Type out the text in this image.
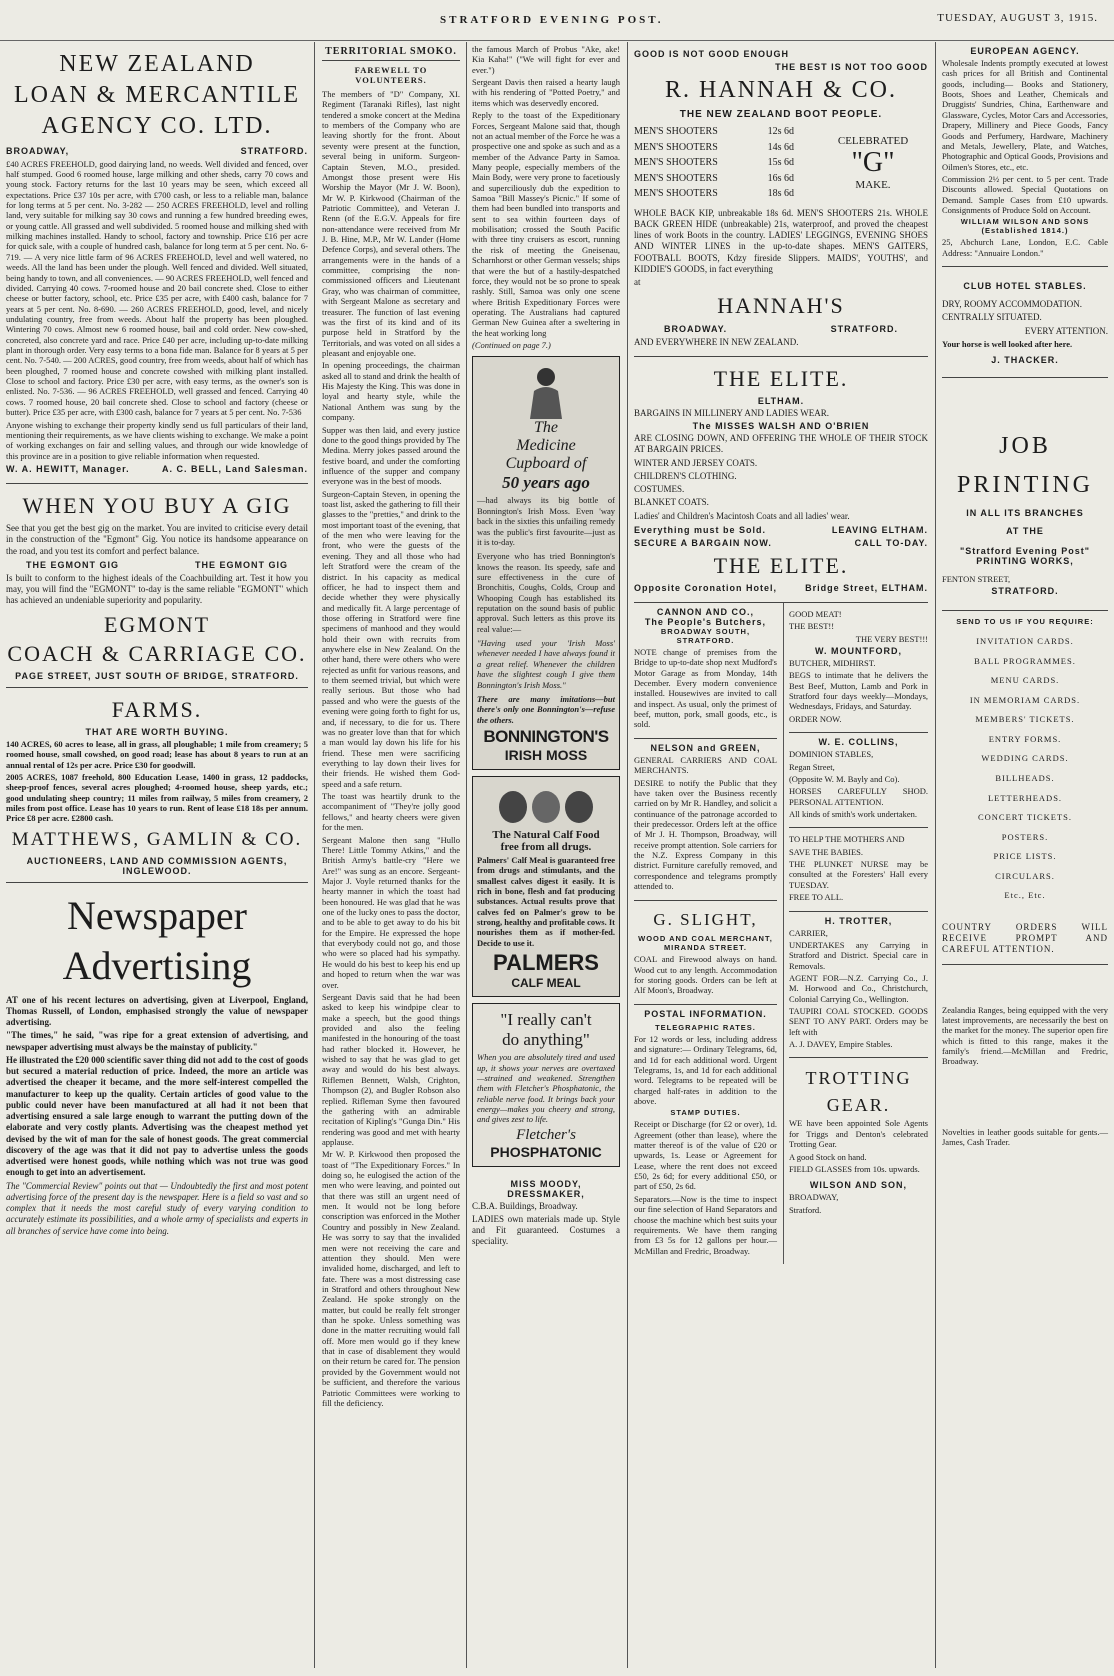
STRATFORD EVENING POST.	TUESDAY, AUGUST 3, 1915.
NEW ZEALAND
LOAN & MERCANTILE
AGENCY CO. LTD.
BROADWAY,	STRATFORD.

£40 ACRES FREEHOLD, good dairying land, no weeds. Well divided and fenced, over half stumped. Good 6 roomed house, large milking and other sheds, carry 70 cows and young stock. Factory returns for the last 10 years may be seen, which exceed all expectations. Price £37 10s per acre, with £700 cash, or less to a reliable man, balance for long terms at 5 per cent. No. 3-282 — 250 ACRES FREEHOLD, level and rolling land, very suitable for milking say 30 cows and running a few hundred breeding ewes, or young cattle. All grassed and well subdivided. 5 roomed house and milking shed with milking machines installed. Handy to school, factory and township. Price £16 per acre for quick sale, with a couple of hundred cash, balance for long term at 5 per cent. No. 6-719. — A very nice little farm of 96 ACRES FREEHOLD, level and well watered, no weeds. All the land has been under the plough. Well fenced and divided. Well situated, being handy to town, and all conveniences. — 90 ACRES FREEHOLD, well fenced and divided. Carrying 40 cows. 7-roomed house and 20 bail concrete shed. Close to either cheese or butter factory, school, etc. Price £35 per acre, with £400 cash, balance for 7 years at 5 per cent. No. 8-690. — 260 ACRES FREEHOLD, good, level, and nicely undulating country, free from weeds. About half the property has been ploughed. Wintering 70 cows. Almost new 6 roomed house, bail and cold order. New cow-shed, concreted, also concrete yard and race. Price £40 per acre, including up-to-date milking plant in thorough order. Very easy terms to a bona fide man. Balance for 8 years at 5 per cent. No. 7-540. — 200 ACRES, good country, free from weeds, about half of which has been ploughed, 7 roomed house and concrete cowshed with milking plant installed. Close to school and factory. Price £30 per acre, with easy terms, as the owner's son is enlisted. No. 7-536. — 96 ACRES FREEHOLD, well grassed and fenced. Carrying 40 cows. 7 roomed house, 20 bail concrete shed. Close to school and factory (cheese or butter). Price £35 per acre, with £300 cash, balance for 7 years at 5 per cent. No. 7-536

Anyone wishing to exchange their property kindly send us full particulars of their land, mentioning their requirements, as we have clients wishing to exchange. We make a point of working exchanges on fair and selling values, and through our wide knowledge of this province are in a position to give reliable information when requested.

W. A. HEWITT, Manager.	A. C. BELL, Land Salesman.
WHEN YOU BUY A GIG

See that you get the best gig on the market. You are invited to criticise every detail in the construction of the "Egmont" Gig. You notice its handsome appearance on the road, and you test its comfort and perfect balance.

THE EGMONT GIG	THE EGMONT GIG

Is built to conform to the highest ideals of the Coachbuilding art. Test it how you may, you will find the "EGMONT" to-day is the same reliable "EGMONT" which has achieved an undeniable superiority and popularity.

EGMONT
COACH & CARRIAGE CO.
PAGE STREET, JUST SOUTH OF BRIDGE, STRATFORD.
FARMS.
THAT ARE WORTH BUYING.

140 ACRES, 60 acres to lease, all in grass, all ploughable; 1 mile from creamery; 5 roomed house, small cowshed, on good road; lease has about 8 years to run at an annual rental of 12s per acre. Price £30 for goodwill.

2005 ACRES, 1087 freehold, 800 Education Lease, 1400 in grass, 12 paddocks, sheep-proof fences, several acres ploughed; 4-roomed house, sheep yards, etc.; good undulating sheep country; 11 miles from railway, 5 miles from creamery, 2 miles from post office. Lease has 10 years to run. Rent of lease £18 18s per annum. Price £8 per acre. £2800 cash.

MATTHEWS, GAMLIN & CO.
AUCTIONEERS, LAND AND COMMISSION AGENTS,
INGLEWOOD.
Newspaper
Advertising

AT one of his recent lectures on advertising, given at Liverpool, England, Thomas Russell, of London, emphasised strongly the value of newspaper advertising.

"The times," he said, "was ripe for a great extension of advertising, and newspaper advertising must always be the mainstay of publicity."

He illustrated the £20 000 scientific saver thing did not add to the cost of goods but secured a material reduction of price. Indeed, the more an article was advertised the cheaper it became, and the more self-interest compelled the manufacturer to keep up the quality. Certain articles of good value to the public could never have been manufactured at all had it not been that advertising ensured a sale large enough to warrant the putting down of the elaborate and very costly plants. Advertising was the cheapest method yet devised by the wit of man for the sale of honest goods. The great commercial discovery of the age was that it did not pay to advertise unless the goods advertised were honest goods, while nothing which was not true was good enough to get into an advertisement.

The "Commercial Review" points out that — Undoubtedly the first and most potent advertising force of the present day is the newspaper. Here is a field so vast and so complex that it needs the most careful study of every varying condition to accurately estimate its possibilities, and a whole army of specialists and experts in all branches of service have come into being.

TERRITORIAL SMOKO.
FAREWELL TO VOLUNTEERS.

The members of "D" Company, XI. Regiment (Taranaki Rifles), last night tendered a smoke concert at the Medina to members of the Company who are leaving shortly for the front. About seventy were present at the function, several being in uniform. Surgeon-Captain Steven, M.O., presided. Amongst those present were His Worship the Mayor (Mr J. W. Boon), Mr W. P. Kirkwood (Chairman of the Patriotic Committee), and Veteran J. Renn (of the E.G.V. Appeals for fire non-attendance were received from Mr J. B. Hine, M.P., Mr W. Lander (Home Defence Corps), and several others. The arrangements were in the hands of a committee, comprising the non-commissioned officers and Lieutenant Gray, who was chairman of committee, with Sergeant Malone as secretary and treasurer. The function of last evening was the first of its kind and of its purpose held in Stratford by the Territorials, and was voted on all sides a pleasant and enjoyable one.

In opening proceedings, the chairman asked all to stand and drink the health of His Majesty the King. This was done in loyal and hearty style, while the National Anthem was sung by the company.

Supper was then laid, and every justice done to the good things provided by The Medina. Merry jokes passed around the festive board, and under the comforting influence of the supper and company everyone was in the best of moods.

Surgeon-Captain Steven, in opening the toast list, asked the gathering to fill their glasses to the "pretties," and drink to the most important toast of the evening, that of the men who were leaving for the front, who were the guests of the evening. They and all those who had left Stratford were the cream of the district. In his capacity as medical officer, he had to inspect them and decide whether they were physically and medically fit. A large percentage of those offering in Stratford were fine specimens of manhood and they would hold their own with recruits from anywhere else in New Zealand. On the other hand, there were others who were rejected as unfit for various reasons, and to them seemed trivial, but which were really serious. But those who had passed and who were the guests of the evening were going forth to fight for us, and, if necessary, to die for us. There was no greater love than that for which a man would lay down his life for his friend. These men were sacrificing everything to lay down their lives for their friends. He wished them God-speed and a safe return.

The toast was heartily drunk to the accompaniment of "They're jolly good fellows," and hearty cheers were given for the men.

Sergeant Malone then sang "Hullo There! Little Tommy Atkins," and the British Army's battle-cry "Here we Are!" was sung as an encore. Sergeant-Major J. Voyle returned thanks for the hearty manner in which the toast had been honoured. He was glad that he was one of the lucky ones to pass the doctor, and to be able to get away to do his bit for the Empire. He expressed the hope that everybody could not go, and those who were so placed had his sympathy. He would do his best to keep his end up and hoped to return when the war was over.

Sergeant Davis said that he had been asked to keep his windpipe clear to make a speech, but the good things provided and also the feeling manifested in the honouring of the toast had rather blocked it. However, he wished to say that he was glad to get away and would do his best always. Riflemen Bennett, Walsh, Crighton, Thompson (2), and Bugler Robson also replied. Rifleman Syme then favoured the gathering with an admirable recitation of Kipling's "Gunga Din." His rendering was good and met with hearty applause.

Mr W. P. Kirkwood then proposed the toast of "The Expeditionary Forces." In doing so, he eulogised the action of the men who were leaving, and pointed out that there was still an urgent need of men. It would not be long before conscription was enforced in the Mother Country and possibly in New Zealand. He was sorry to say that the invalided men were not receiving the care and attention they should. Men were invalided home, discharged, and left to fate. There was a most distressing case in Stratford and others throughout New Zealand. He spoke strongly on the matter, but could be really felt stronger than he spoke. Unless something was done in the matter recruiting would fall off. More men would go if they knew that in case of disablement they would on their return be cared for. The pension provided by the Government would not be sufficient, and therefore the various Patriotic Committees were working to fill the deficiency.

the famous March of Probus "Ake, ake! Kia Kaha!" ("We will fight for ever and ever.")

Sergeant Davis then raised a hearty laugh with his rendering of "Potted Poetry," and items which was deservedly encored.

Reply to the toast of the Expeditionary Forces, Sergeant Malone said that, though not an actual member of the Force he was a prospective one and spoke as such and as a member of the Advance Party in Samoa. Many people, especially members of the Main Body, were very prone to facetiously and superciliously dub the expedition to Samoa "Bill Massey's Picnic." If some of them had been bundled into transports and sent to sea within fourteen days of mobilisation; crossed the South Pacific with three tiny cruisers as escort, running the risk of meeting the Gneisenau, Scharnhorst or other German vessels; ships that were the but of a hastily-despatched force, they would not be so prone to speak rashly. Still, Samoa was only one scene where British Expeditionary Forces were operating. The Australians had captured German New Guinea after a sweltering in the heat working long

(Continued on page 7.)

The
Medicine
Cupboard of
50 years ago

—had always its big bottle of Bonnington's Irish Moss. Even 'way back in the sixties this unfailing remedy was the public's first favourite—just as it is to-day.

Everyone who has tried Bonnington's knows the reason. Its speedy, safe and sure effectiveness in the cure of Bronchitis, Coughs, Colds, Croup and Whooping Cough has established its reputation on the sound basis of public approval. Such letters as this prove its real value:—

"Having used your 'Irish Moss' whenever needed I have always found it a great relief. Whenever the children have the slightest cough I give them Bonnington's Irish Moss."

There are many imitations—but there's only one Bonnington's—refuse the others.

BONNINGTON'S
IRISH MOSS
The Natural Calf Food
free from all drugs.

Palmers' Calf Meal is guaranteed free from drugs and stimulants, and the smallest calves digest it easily. It is rich in bone, flesh and fat producing substances. Actual results prove that calves fed on Palmer's grow to be strong, healthy and profitable cows. It nourishes them as if mother-fed. Decide to use it.

PALMERS
CALF MEAL
"I really can't
do anything"

When you are absolutely tired and used up, it shows your nerves are overtaxed—strained and weakened. Strengthen them with Fletcher's Phosphatonic, the reliable nerve food. It brings back your energy—makes you cheery and strong, and gives zest to life.

Fletcher's
PHOSPHATONIC
MISS MOODY,
DRESSMAKER,

C.B.A. Buildings, Broadway.

LADIES own materials made up. Style and Fit guaranteed. Costumes a speciality.

GOOD IS NOT GOOD ENOUGH
THE BEST IS NOT TOO GOOD
R. HANNAH & CO.
THE NEW ZEALAND BOOT PEOPLE.
MEN'S SHOOTERS	12s 6d
MEN'S SHOOTERS	14s 6d
MEN'S SHOOTERS	15s 6d
MEN'S SHOOTERS	16s 6d
MEN'S SHOOTERS	18s 6d
CELEBRATED
"G"
MAKE.

WHOLE BACK KIP, unbreakable 18s 6d. MEN'S SHOOTERS 21s. WHOLE BACK GREEN HIDE (unbreakable) 21s, waterproof, and proved the cheapest lines of work Boots in the country. LADIES' LEGGINGS, EVENING SHOES AND WINTER LINES in the up-to-date shapes. MEN'S GAITERS, FOOTBALL BOOTS, Kdzy fireside Slippers. MAIDS', YOUTHS', and KIDDIE'S GOODS, in fact everything

at
HANNAH'S
BROADWAY.	STRATFORD.
AND EVERYWHERE IN NEW ZEALAND.
THE ELITE.
ELTHAM.
BARGAINS IN MILLINERY AND LADIES WEAR.
The MISSES WALSH AND O'BRIEN

ARE CLOSING DOWN, AND OFFERING THE WHOLE OF THEIR STOCK AT BARGAIN PRICES.

WINTER AND JERSEY COATS.
CHILDREN'S CLOTHING.
COSTUMES.
BLANKET COATS.

Ladies' and Children's Macintosh Coats and all ladies' wear.

Everything must be Sold.	LEAVING ELTHAM.
SECURE A BARGAIN NOW.	CALL TO-DAY.
THE ELITE.
Opposite Coronation Hotel,	Bridge Street, ELTHAM.
CANNON AND CO.,
The People's Butchers,
BROADWAY SOUTH, STRATFORD.

NOTE change of premises from the Bridge to up-to-date shop next Mudford's Motor Garage as from Monday, 14th December. Every modern convenience installed. Housewives are invited to call and inspect. As usual, only the primest of beef, mutton, pork, small goods, etc., is sold.

NELSON and GREEN,
GENERAL CARRIERS AND COAL MERCHANTS.

DESIRE to notify the Public that they have taken over the Business recently carried on by Mr R. Handley, and solicit a continuance of the patronage accorded to their predecessor. Orders left at the office of Mr J. H. Thompson, Broadway, will receive prompt attention. Sole carriers for the N.Z. Express Company in this district. Furniture carefully removed, and correspondence and telegrams promptly attended to.

G. SLIGHT,
WOOD AND COAL MERCHANT,
MIRANDA STREET.

COAL and Firewood always on hand. Wood cut to any length. Accommodation for storing goods. Orders can be left at Alf Moon's, Broadway.

POSTAL INFORMATION.
TELEGRAPHIC RATES.

For 12 words or less, including address and signature:— Ordinary Telegrams, 6d, and 1d for each additional word. Urgent Telegrams, 1s, and 1d for each additional word. Telegrams to be repeated will be charged half-rates in addition to the above.

STAMP DUTIES.

Receipt or Discharge (for £2 or over), 1d. Agreement (other than lease), where the matter thereof is of the value of £20 or upwards, 1s. Lease or Agreement for Lease, where the rent does not exceed £50, 2s 6d; for every additional £50, or part of £50, 2s 6d.

Separators.—Now is the time to inspect our fine selection of Hand Separators and choose the machine which best suits your requirements. We have them ranging from £3 5s for 12 gallons per hour.—McMillan and Fredric, Broadway.

GOOD MEAT!
THE BEST!!
THE VERY BEST!!!
W. MOUNTFORD,
BUTCHER, MIDHIRST.

BEGS to intimate that he delivers the Best Beef, Mutton, Lamb and Pork in Stratford four days weekly—Mondays, Wednesdays, Fridays, and Saturday.

ORDER NOW.
W. E. COLLINS,
DOMINION STABLES,
Regan Street,
(Opposite W. M. Bayly and Co).

HORSES CAREFULLY SHOD. PERSONAL ATTENTION.

All kinds of smith's work undertaken.

TO HELP THE MOTHERS AND
SAVE THE BABIES.

THE PLUNKET NURSE may be consulted at the Foresters' Hall every TUESDAY.

FREE TO ALL.
H. TROTTER,
CARRIER,

UNDERTAKES any Carrying in Stratford and District. Special care in Removals.

AGENT FOR—N.Z. Carrying Co., J. M. Horwood and Co., Christchurch, Colonial Carrying Co., Wellington.

TAUPIRI COAL STOCKED. GOODS SENT TO ANY PART. Orders may be left with

A. J. DAVEY, Empire Stables.

TROTTING
GEAR.

WE have been appointed Sole Agents for Triggs and Denton's celebrated Trotting Gear.

A good Stock on hand.
FIELD GLASSES from 10s. upwards.
WILSON AND SON,
BROADWAY,
Stratford.
EUROPEAN AGENCY.

Wholesale Indents promptly executed at lowest cash prices for all British and Continental goods, including— Books and Stationery, Boots, Shoes and Leather, Chemicals and Druggists' Sundries, China, Earthenware and Glassware, Cycles, Motor Cars and Accessories, Drapery, Millinery and Piece Goods, Fancy Goods and Perfumery, Hardware, Machinery and Metals, Jewellery, Plate, and Watches, Photographic and Optical Goods, Provisions and Oilmen's Stores, etc., etc.

Commission 2½ per cent. to 5 per cent. Trade Discounts allowed. Special Quotations on Demand. Sample Cases from £10 upwards. Consignments of Produce Sold on Account.

WILLIAM WILSON AND SONS (Established 1814.)

25, Abchurch Lane, London, E.C. Cable Address: "Annuaire London."

CLUB HOTEL STABLES.
DRY, ROOMY ACCOMMODATION.
CENTRALLY SITUATED.
EVERY ATTENTION.
Your horse is well looked after here.
J. THACKER.
JOB
PRINTING
IN ALL ITS BRANCHES
AT THE
"Stratford Evening Post"
PRINTING WORKS,
FENTON STREET,
STRATFORD.
SEND TO US IF YOU REQUIRE:
INVITATION CARDS.
BALL PROGRAMMES.
MENU CARDS.
IN MEMORIAM CARDS.
MEMBERS' TICKETS.
ENTRY FORMS.
WEDDING CARDS.
BILLHEADS.
LETTERHEADS.
CONCERT TICKETS.
POSTERS.
PRICE LISTS.
CIRCULARS.
Etc., Etc.

COUNTRY ORDERS WILL RECEIVE PROMPT AND CAREFUL ATTENTION.

Zealandia Ranges, being equipped with the very latest improvements, are necessarily the best on the market for the money. The superior open fire which is fitted to this range, makes it the family's friend.—McMillan and Fredric, Broadway.

Novelties in leather goods suitable for gents.—James, Cash Trader.
